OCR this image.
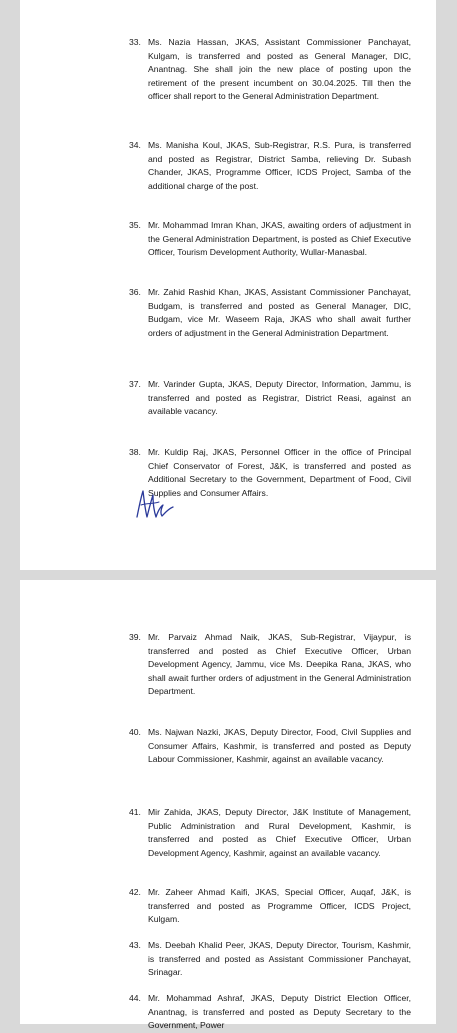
33. Ms. Nazia Hassan, JKAS, Assistant Commissioner Panchayat, Kulgam, is transferred and posted as General Manager, DIC, Anantnag. She shall join the new place of posting upon the retirement of the present incumbent on 30.04.2025. Till then the officer shall report to the General Administration Department.
34. Ms. Manisha Koul, JKAS, Sub-Registrar, R.S. Pura, is transferred and posted as Registrar, District Samba, relieving Dr. Subash Chander, JKAS, Programme Officer, ICDS Project, Samba of the additional charge of the post.
35. Mr. Mohammad Imran Khan, JKAS, awaiting orders of adjustment in the General Administration Department, is posted as Chief Executive Officer, Tourism Development Authority, Wullar-Manasbal.
36. Mr. Zahid Rashid Khan, JKAS, Assistant Commissioner Panchayat, Budgam, is transferred and posted as General Manager, DIC, Budgam, vice Mr. Waseem Raja, JKAS who shall await further orders of adjustment in the General Administration Department.
37. Mr. Varinder Gupta, JKAS, Deputy Director, Information, Jammu, is transferred and posted as Registrar, District Reasi, against an available vacancy.
38. Mr. Kuldip Raj, JKAS, Personnel Officer in the office of Principal Chief Conservator of Forest, J&K, is transferred and posted as Additional Secretary to the Government, Department of Food, Civil Supplies and Consumer Affairs.
39. Mr. Parvaiz Ahmad Naik, JKAS, Sub-Registrar, Vijaypur, is transferred and posted as Chief Executive Officer, Urban Development Agency, Jammu, vice Ms. Deepika Rana, JKAS, who shall await further orders of adjustment in the General Administration Department.
40. Ms. Najwan Nazki, JKAS, Deputy Director, Food, Civil Supplies and Consumer Affairs, Kashmir, is transferred and posted as Deputy Labour Commissioner, Kashmir, against an available vacancy.
41. Mir Zahida, JKAS, Deputy Director, J&K Institute of Management, Public Administration and Rural Development, Kashmir, is transferred and posted as Chief Executive Officer, Urban Development Agency, Kashmir, against an available vacancy.
42. Mr. Zaheer Ahmad Kaifi, JKAS, Special Officer, Auqaf, J&K, is transferred and posted as Programme Officer, ICDS Project, Kulgam.
43. Ms. Deebah Khalid Peer, JKAS, Deputy Director, Tourism, Kashmir, is transferred and posted as Assistant Commissioner Panchayat, Srinagar.
44. Mr. Mohammad Ashraf, JKAS, Deputy District Election Officer, Anantnag, is transferred and posted as Deputy Secretary to the Government, Power
